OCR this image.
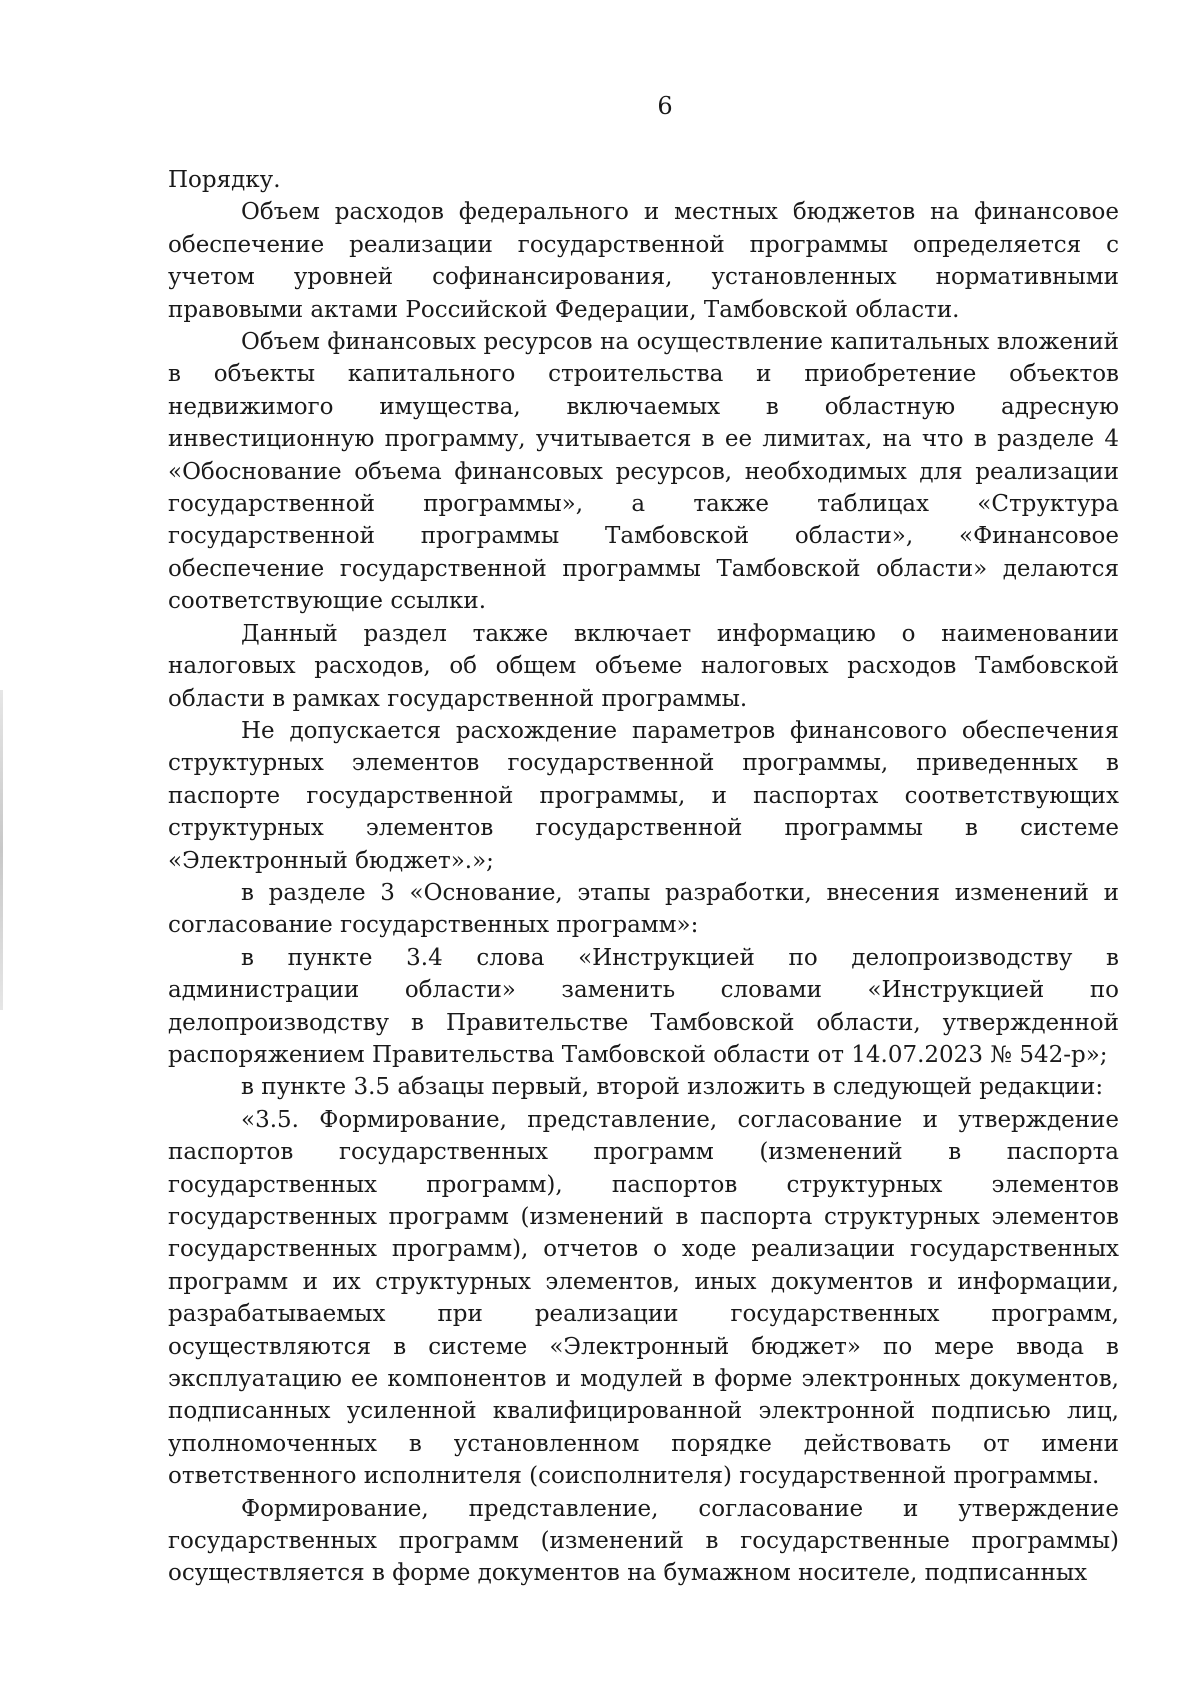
6

Порядку.

Объем расходов федерального и местных бюджетов на финансовое обеспечение реализации государственной программы определяется с учетом уровней софинансирования, установленных нормативными правовыми актами Российской Федерации, Тамбовской области.

Объем финансовых ресурсов на осуществление капитальных вложений в объекты капитального строительства и приобретение объектов недвижимого имущества, включаемых в областную адресную инвестиционную программу, учитывается в ее лимитах, на что в разделе 4 «Обоснование объема финансовых ресурсов, необходимых для реализации государственной программы», а также таблицах «Структура государственной программы Тамбовской области», «Финансовое обеспечение государственной программы Тамбовской области» делаются соответствующие ссылки.

Данный раздел также включает информацию о наименовании налоговых расходов, об общем объеме налоговых расходов Тамбовской области в рамках государственной программы.

Не допускается расхождение параметров финансового обеспечения структурных элементов государственной программы, приведенных в паспорте государственной программы, и паспортах соответствующих структурных элементов государственной программы в системе «Электронный бюджет».»;

в разделе 3 «Основание, этапы разработки, внесения изменений и согласование государственных программ»:

в пункте 3.4 слова «Инструкцией по делопроизводству в администрации области» заменить словами «Инструкцией по делопроизводству в Правительстве Тамбовской области, утвержденной распоряжением Правительства Тамбовской области от 14.07.2023 № 542-р»;

в пункте 3.5 абзацы первый, второй изложить в следующей редакции:

«3.5. Формирование, представление, согласование и утверждение паспортов государственных программ (изменений в паспорта государственных программ), паспортов структурных элементов государственных программ (изменений в паспорта структурных элементов государственных программ), отчетов о ходе реализации государственных программ и их структурных элементов, иных документов и информации, разрабатываемых при реализации государственных программ, осуществляются в системе «Электронный бюджет» по мере ввода в эксплуатацию ее компонентов и модулей в форме электронных документов, подписанных усиленной квалифицированной электронной подписью лиц, уполномоченных в установленном порядке действовать от имени ответственного исполнителя (соисполнителя) государственной программы.

Формирование, представление, согласование и утверждение государственных программ (изменений в государственные программы) осуществляется в форме документов на бумажном носителе, подписанных
